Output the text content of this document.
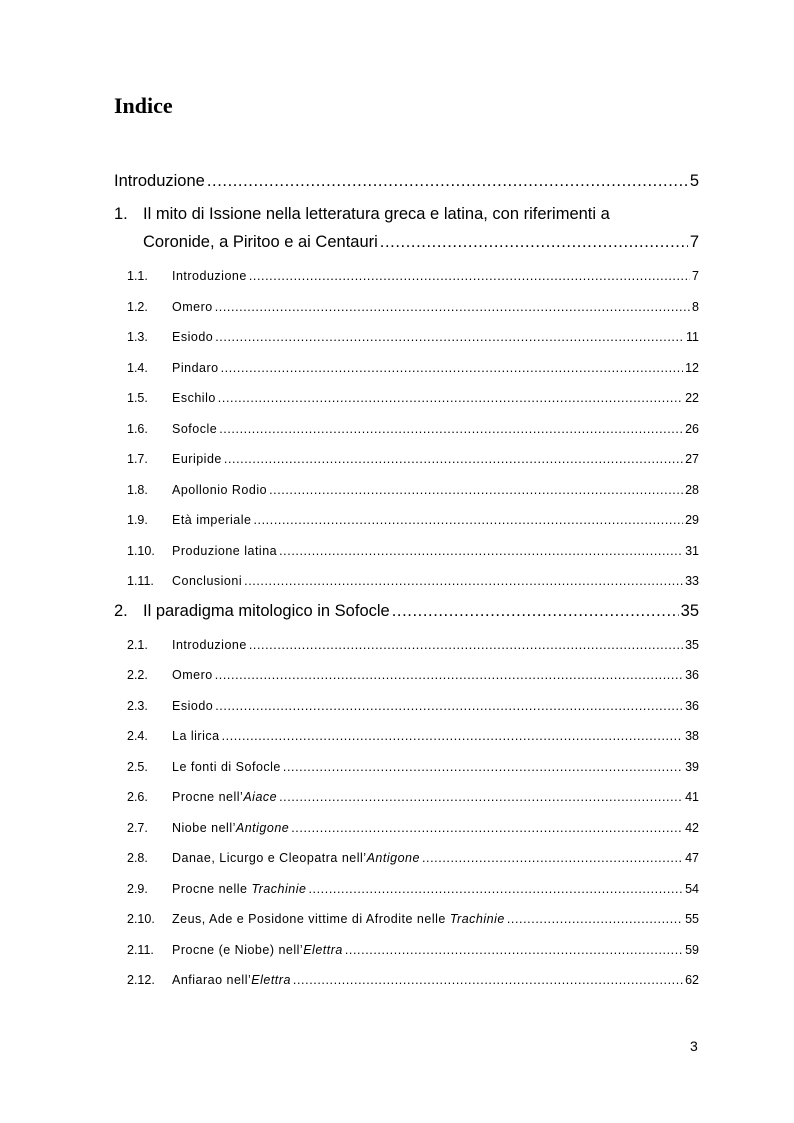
Indice
Introduzione .....	5
1. Il mito di Issione nella letteratura greca e latina, con riferimenti a
Coronide, a Piritoo e ai Centauri .....	7
1.1.	Introduzione .....	7
1.2.	Omero .....	8
1.3.	Esiodo .....	11
1.4.	Pindaro .....	12
1.5.	Eschilo .....	22
1.6.	Sofocle .....	26
1.7.	Euripide .....	27
1.8.	Apollonio Rodio .....	28
1.9.	Età imperiale .....	29
1.10.	Produzione latina .....	31
1.11.	Conclusioni .....	33
2. Il paradigma mitologico in Sofocle .....	35
2.1.	Introduzione .....	35
2.2.	Omero .....	36
2.3.	Esiodo .....	36
2.4.	La lirica .....	38
2.5.	Le fonti di Sofocle .....	39
2.6.	Procne nell’Aiace .....	41
2.7.	Niobe nell’Antigone .....	42
2.8.	Danae, Licurgo e Cleopatra nell’Antigone .....	47
2.9.	Procne nelle Trachinie .....	54
2.10.	Zeus, Ade e Posidone vittime di Afrodite nelle Trachinie .....	55
2.11.	Procne (e Niobe) nell’Elettra .....	59
2.12.	Anfiarao nell’Elettra .....	62
3
